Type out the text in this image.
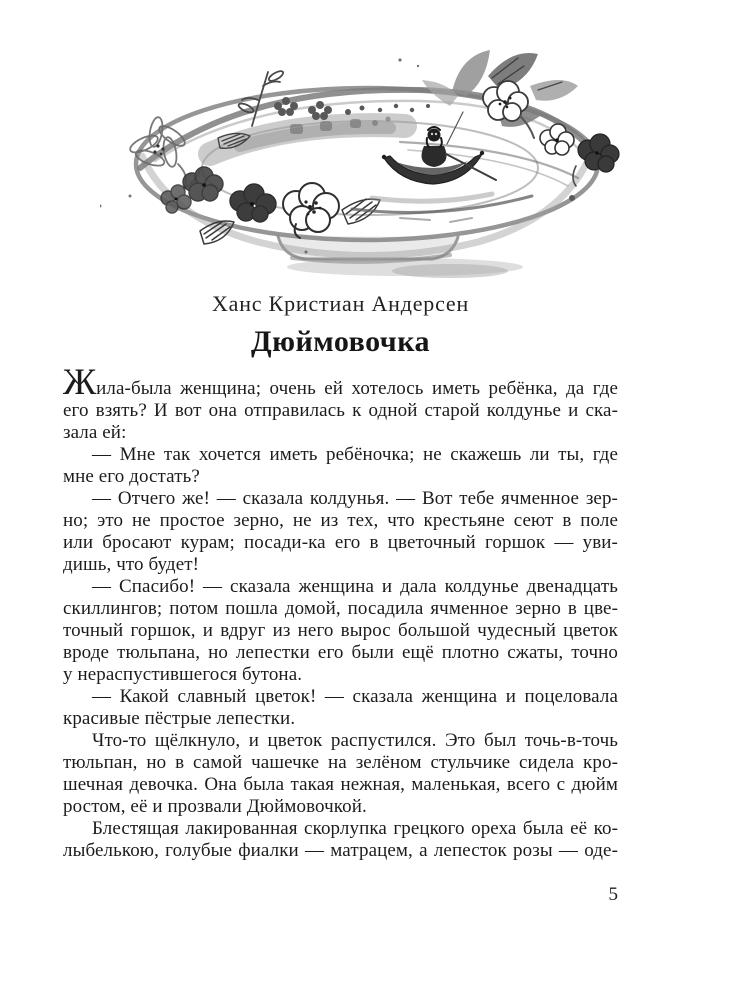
Ханс Кристиан Андерсен
Дюймовочка
Жила-была женщина; очень ей хотелось иметь ребёнка, да где
его взять? И вот она отправилась к одной старой колдунье и ска-
зала ей:
— Мне так хочется иметь ребёночка; не скажешь ли ты, где
мне его достать?
— Отчего же! — сказала колдунья. — Вот тебе ячменное зер-
но; это не простое зерно, не из тех, что крестьяне сеют в поле
или бросают курам; посади-ка его в цветочный горшок — уви-
дишь, что будет!
— Спасибо! — сказала женщина и дала колдунье двенадцать
скиллингов; потом пошла домой, посадила ячменное зерно в цве-
точный горшок, и вдруг из него вырос большой чудесный цветок
вроде тюльпана, но лепестки его были ещё плотно сжаты, точно
у нераспустившегося бутона.
— Какой славный цветок! — сказала женщина и поцеловала
красивые пёстрые лепестки.
Что-то щёлкнуло, и цветок распустился. Это был точь-в-точь
тюльпан, но в самой чашечке на зелёном стульчике сидела кро-
шечная девочка. Она была такая нежная, маленькая, всего с дюйм
ростом, её и прозвали Дюймовочкой.
Блестящая лакированная скорлупка грецкого ореха была её ко-
лыбелькою, голубые фиалки — матрацем, а лепесток розы — оде-
5
